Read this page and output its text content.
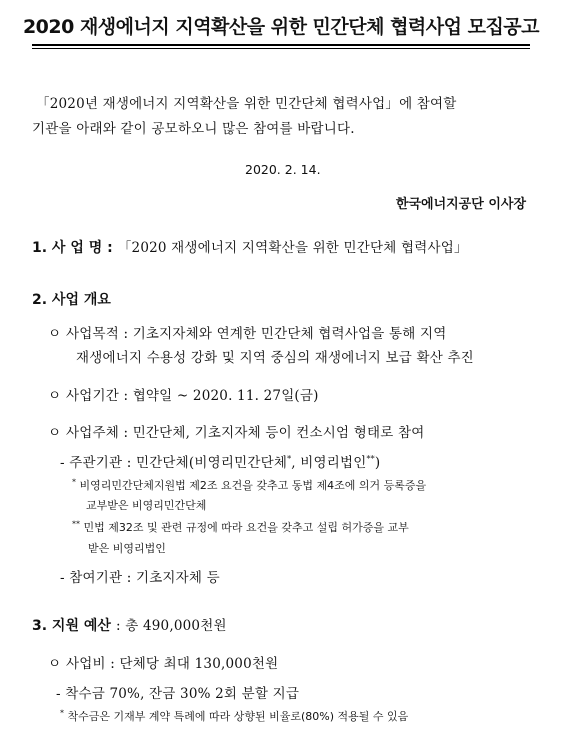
2020 재생에너지 지역확산을 위한 민간단체 협력사업 모집공고
「2020년 재생에너지 지역확산을 위한 민간단체 협력사업」에 참여할
기관을 아래와 같이 공모하오니 많은 참여를 바랍니다.
2020. 2. 14.
한국에너지공단 이사장
1. 사 업 명 : 「2020 재생에너지 지역확산을 위한 민간단체 협력사업」
2. 사업 개요
ㅇ 사업목적 : 기초지자체와 연계한 민간단체 협력사업을 통해 지역
재생에너지 수용성 강화 및 지역 중심의 재생에너지 보급 확산 추진
ㅇ 사업기간 : 협약일 ~ 2020. 11. 27일(금)
ㅇ 사업주체 : 민간단체, 기초지자체 등이 컨소시엄 형태로 참여
- 주관기관 : 민간단체(비영리민간단체*, 비영리법인**)
* 비영리민간단체지원법 제2조 요건을 갖추고 동법 제4조에 의거 등록증을
교부받은 비영리민간단체
** 민법 제32조 및 관련 규정에 따라 요건을 갖추고 설립 허가증을 교부
받은 비영리법인
- 참여기관 : 기초지자체 등
3. 지원 예산 : 총 490,000천원
ㅇ 사업비 : 단체당 최대 130,000천원
- 착수금 70%, 잔금 30% 2회 분할 지급
* 착수금은 기재부 계약 특례에 따라 상향된 비율로(80%) 적용될 수 있음
